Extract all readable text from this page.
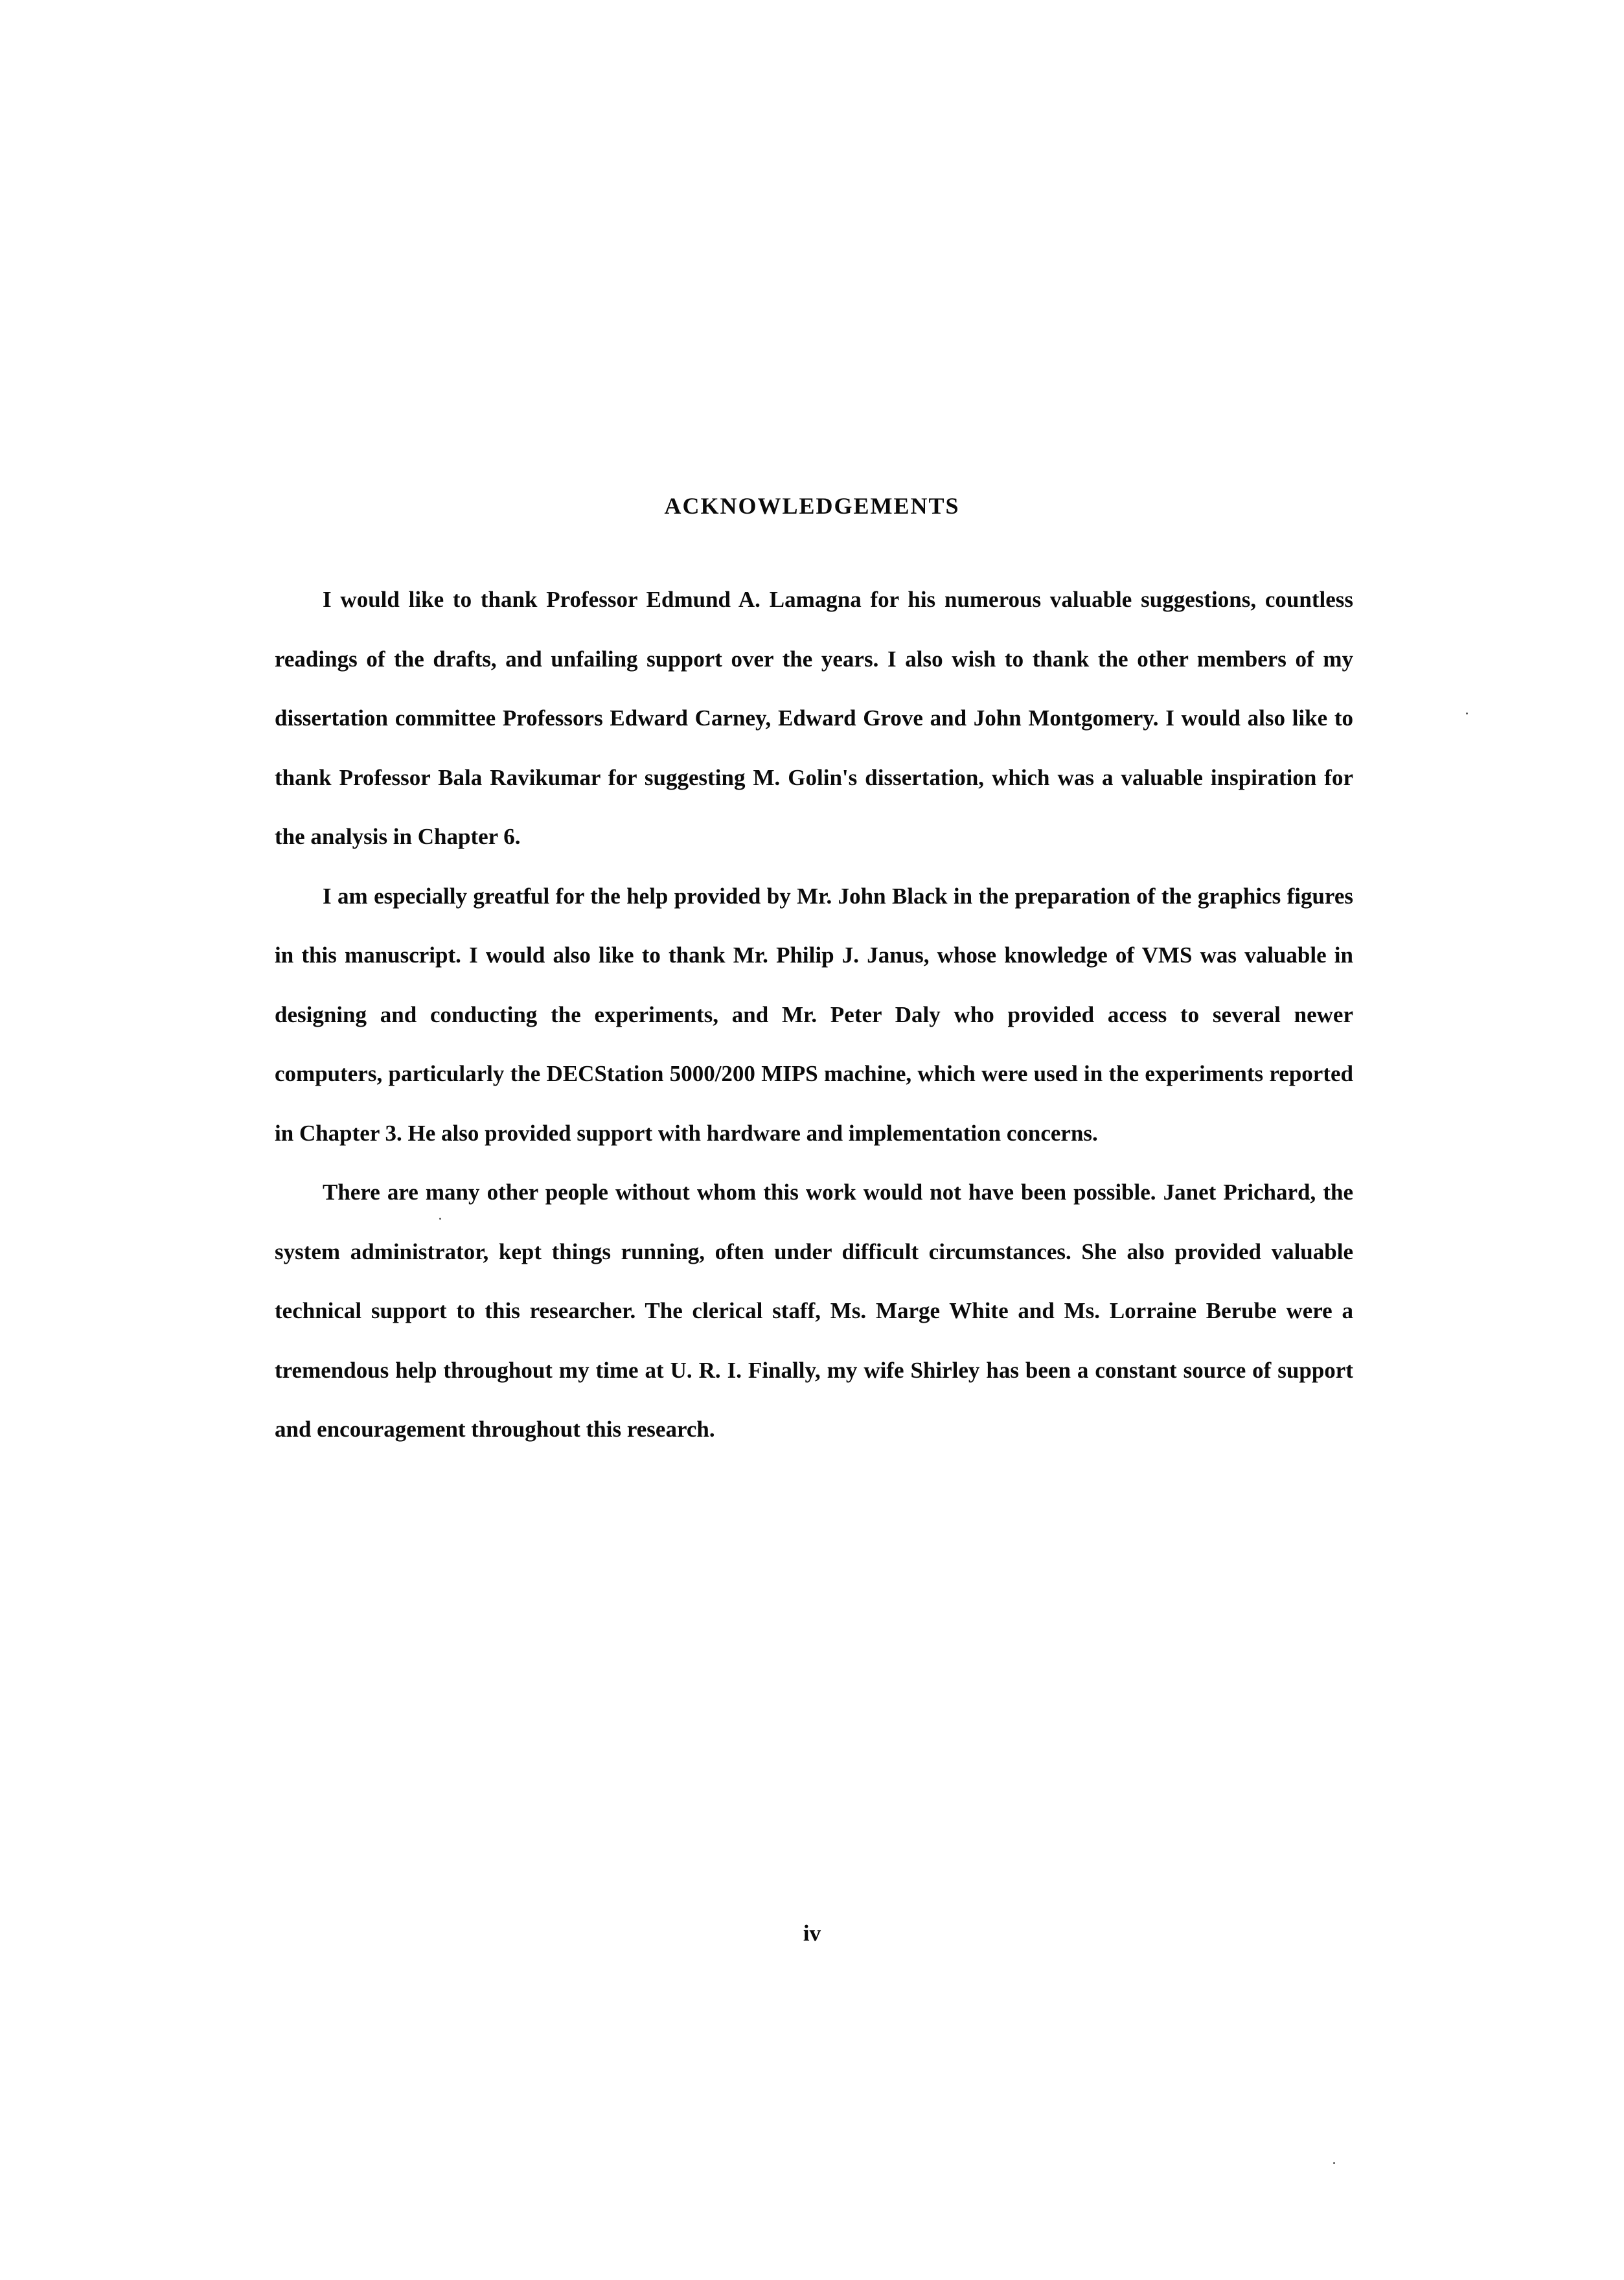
ACKNOWLEDGEMENTS

I would like to thank Professor Edmund A. Lamagna for his numerous valuable suggestions, countless readings of the drafts, and unfailing support over the years. I also wish to thank the other members of my dissertation committee Professors Edward Carney, Edward Grove and John Montgomery. I would also like to thank Professor Bala Ravikumar for suggesting M. Golin's dissertation, which was a valuable inspiration for the analysis in Chapter 6.

I am especially greatful for the help provided by Mr. John Black in the preparation of the graphics figures in this manuscript. I would also like to thank Mr. Philip J. Janus, whose knowledge of VMS was valuable in designing and conducting the experiments, and Mr. Peter Daly who provided access to several newer computers, particularly the DECStation 5000/200 MIPS machine, which were used in the experiments reported in Chapter 3. He also provided support with hardware and implementation concerns.

There are many other people without whom this work would not have been possible. Janet Prichard, the system administrator, kept things running, often under difficult circumstances. She also provided valuable technical support to this researcher. The clerical staff, Ms. Marge White and Ms. Lorraine Berube were a tremendous help throughout my time at U. R. I. Finally, my wife Shirley has been a constant source of support and encouragement throughout this research.

iv
